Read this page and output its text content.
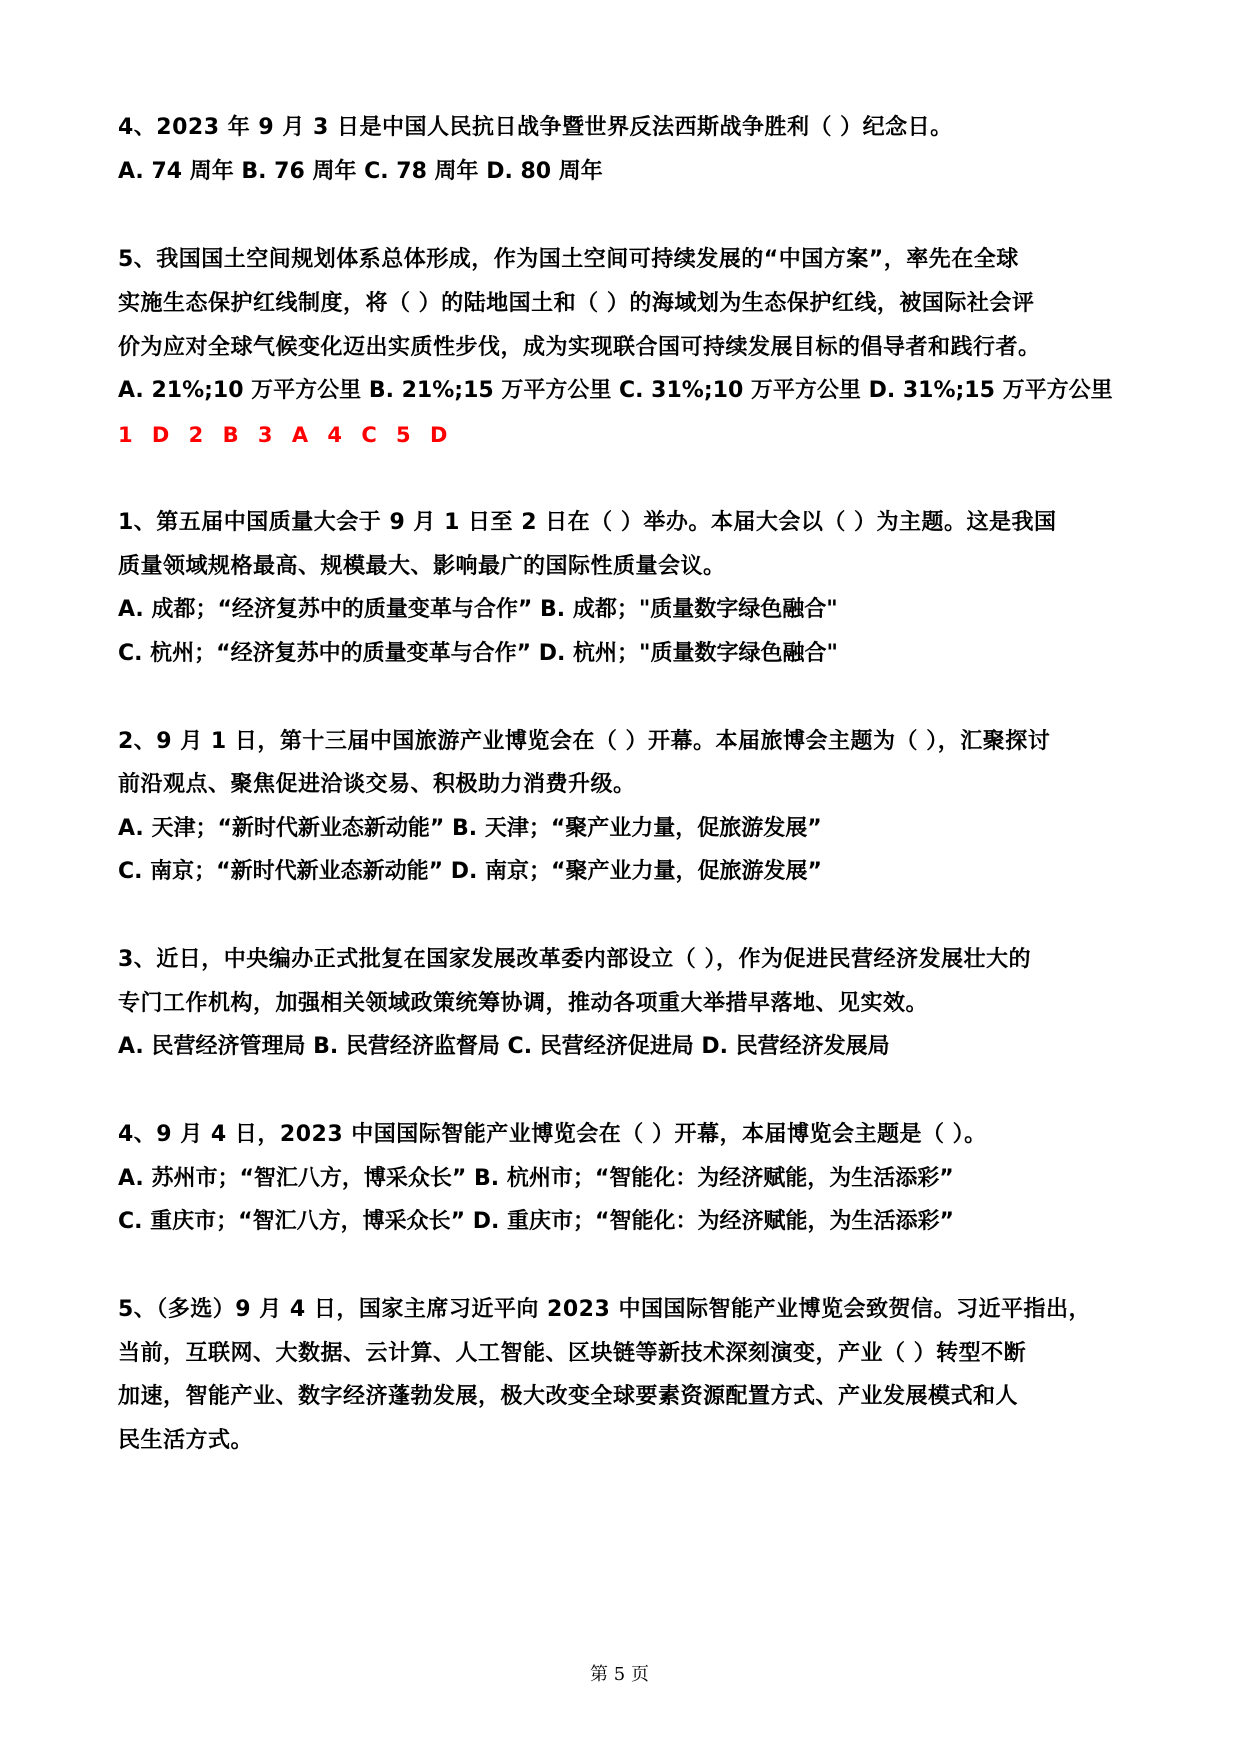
4、2023 年 9 月 3 日是中国人民抗日战争暨世界反法西斯战争胜利（ ）纪念日。
A. 74 周年 B. 76 周年 C. 78 周年 D. 80 周年
5、我国国土空间规划体系总体形成，作为国土空间可持续发展的“中国方案”，率先在全球
实施生态保护红线制度，将（ ）的陆地国土和（ ）的海域划为生态保护红线，被国际社会评
价为应对全球气候变化迈出实质性步伐，成为实现联合国可持续发展目标的倡导者和践行者。
A. 21%;10 万平方公里 B. 21%;15 万平方公里 C. 31%;10 万平方公里 D. 31%;15 万平方公里
1 D 2 B 3 A 4 C 5 D
1、第五届中国质量大会于 9 月 1 日至 2 日在（ ）举办。本届大会以（ ）为主题。这是我国
质量领域规格最高、规模最大、影响最广的国际性质量会议。
A. 成都；“经济复苏中的质量变革与合作” B. 成都；"质量数字绿色融合"
C. 杭州；“经济复苏中的质量变革与合作” D. 杭州；"质量数字绿色融合"
2、9 月 1 日，第十三届中国旅游产业博览会在（ ）开幕。本届旅博会主题为（ ），汇聚探讨
前沿观点、聚焦促进洽谈交易、积极助力消费升级。
A. 天津；“新时代新业态新动能” B. 天津；“聚产业力量，促旅游发展”
C. 南京；“新时代新业态新动能” D. 南京；“聚产业力量，促旅游发展”
3、近日，中央编办正式批复在国家发展改革委内部设立（ ），作为促进民营经济发展壮大的
专门工作机构，加强相关领域政策统筹协调，推动各项重大举措早落地、见实效。
A. 民营经济管理局 B. 民营经济监督局 C. 民营经济促进局 D. 民营经济发展局
4、9 月 4 日，2023 中国国际智能产业博览会在（ ）开幕，本届博览会主题是（ ）。
A. 苏州市；“智汇八方，博采众长” B. 杭州市；“智能化：为经济赋能，为生活添彩”
C. 重庆市；“智汇八方，博采众长” D. 重庆市；“智能化：为经济赋能，为生活添彩”
5、（多选）9 月 4 日，国家主席习近平向 2023 中国国际智能产业博览会致贺信。习近平指出，
当前，互联网、大数据、云计算、人工智能、区块链等新技术深刻演变，产业（ ）转型不断
加速，智能产业、数字经济蓬勃发展，极大改变全球要素资源配置方式、产业发展模式和人
民生活方式。
第 5 页
